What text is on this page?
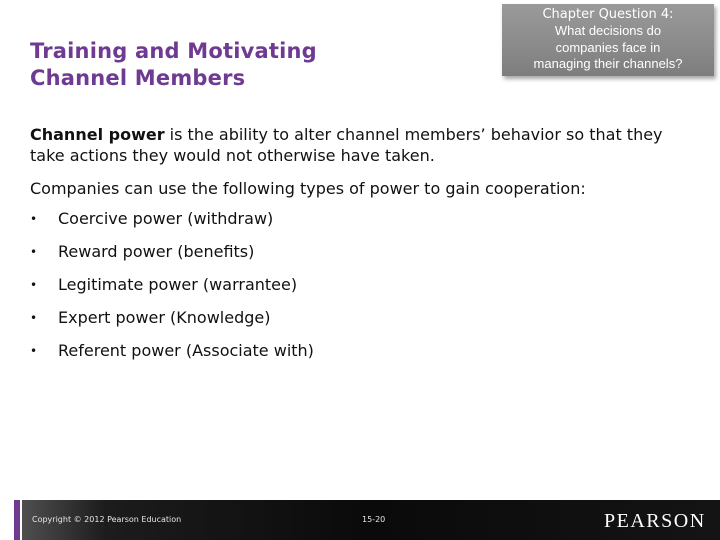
Training and Motivating
Channel Members
Chapter Question 4:
What decisions do
companies face in
managing their channels?

Channel power is the ability to alter channel members’ behavior so that they take actions they would not otherwise have taken.

Companies can use the following types of power to gain cooperation:

• Coercive power (withdraw)
• Reward power (benefits)
• Legitimate power (warrantee)
• Expert power (Knowledge)
• Referent power (Associate with)
Copyright © 2012 Pearson Education	15-20	PEARSON
